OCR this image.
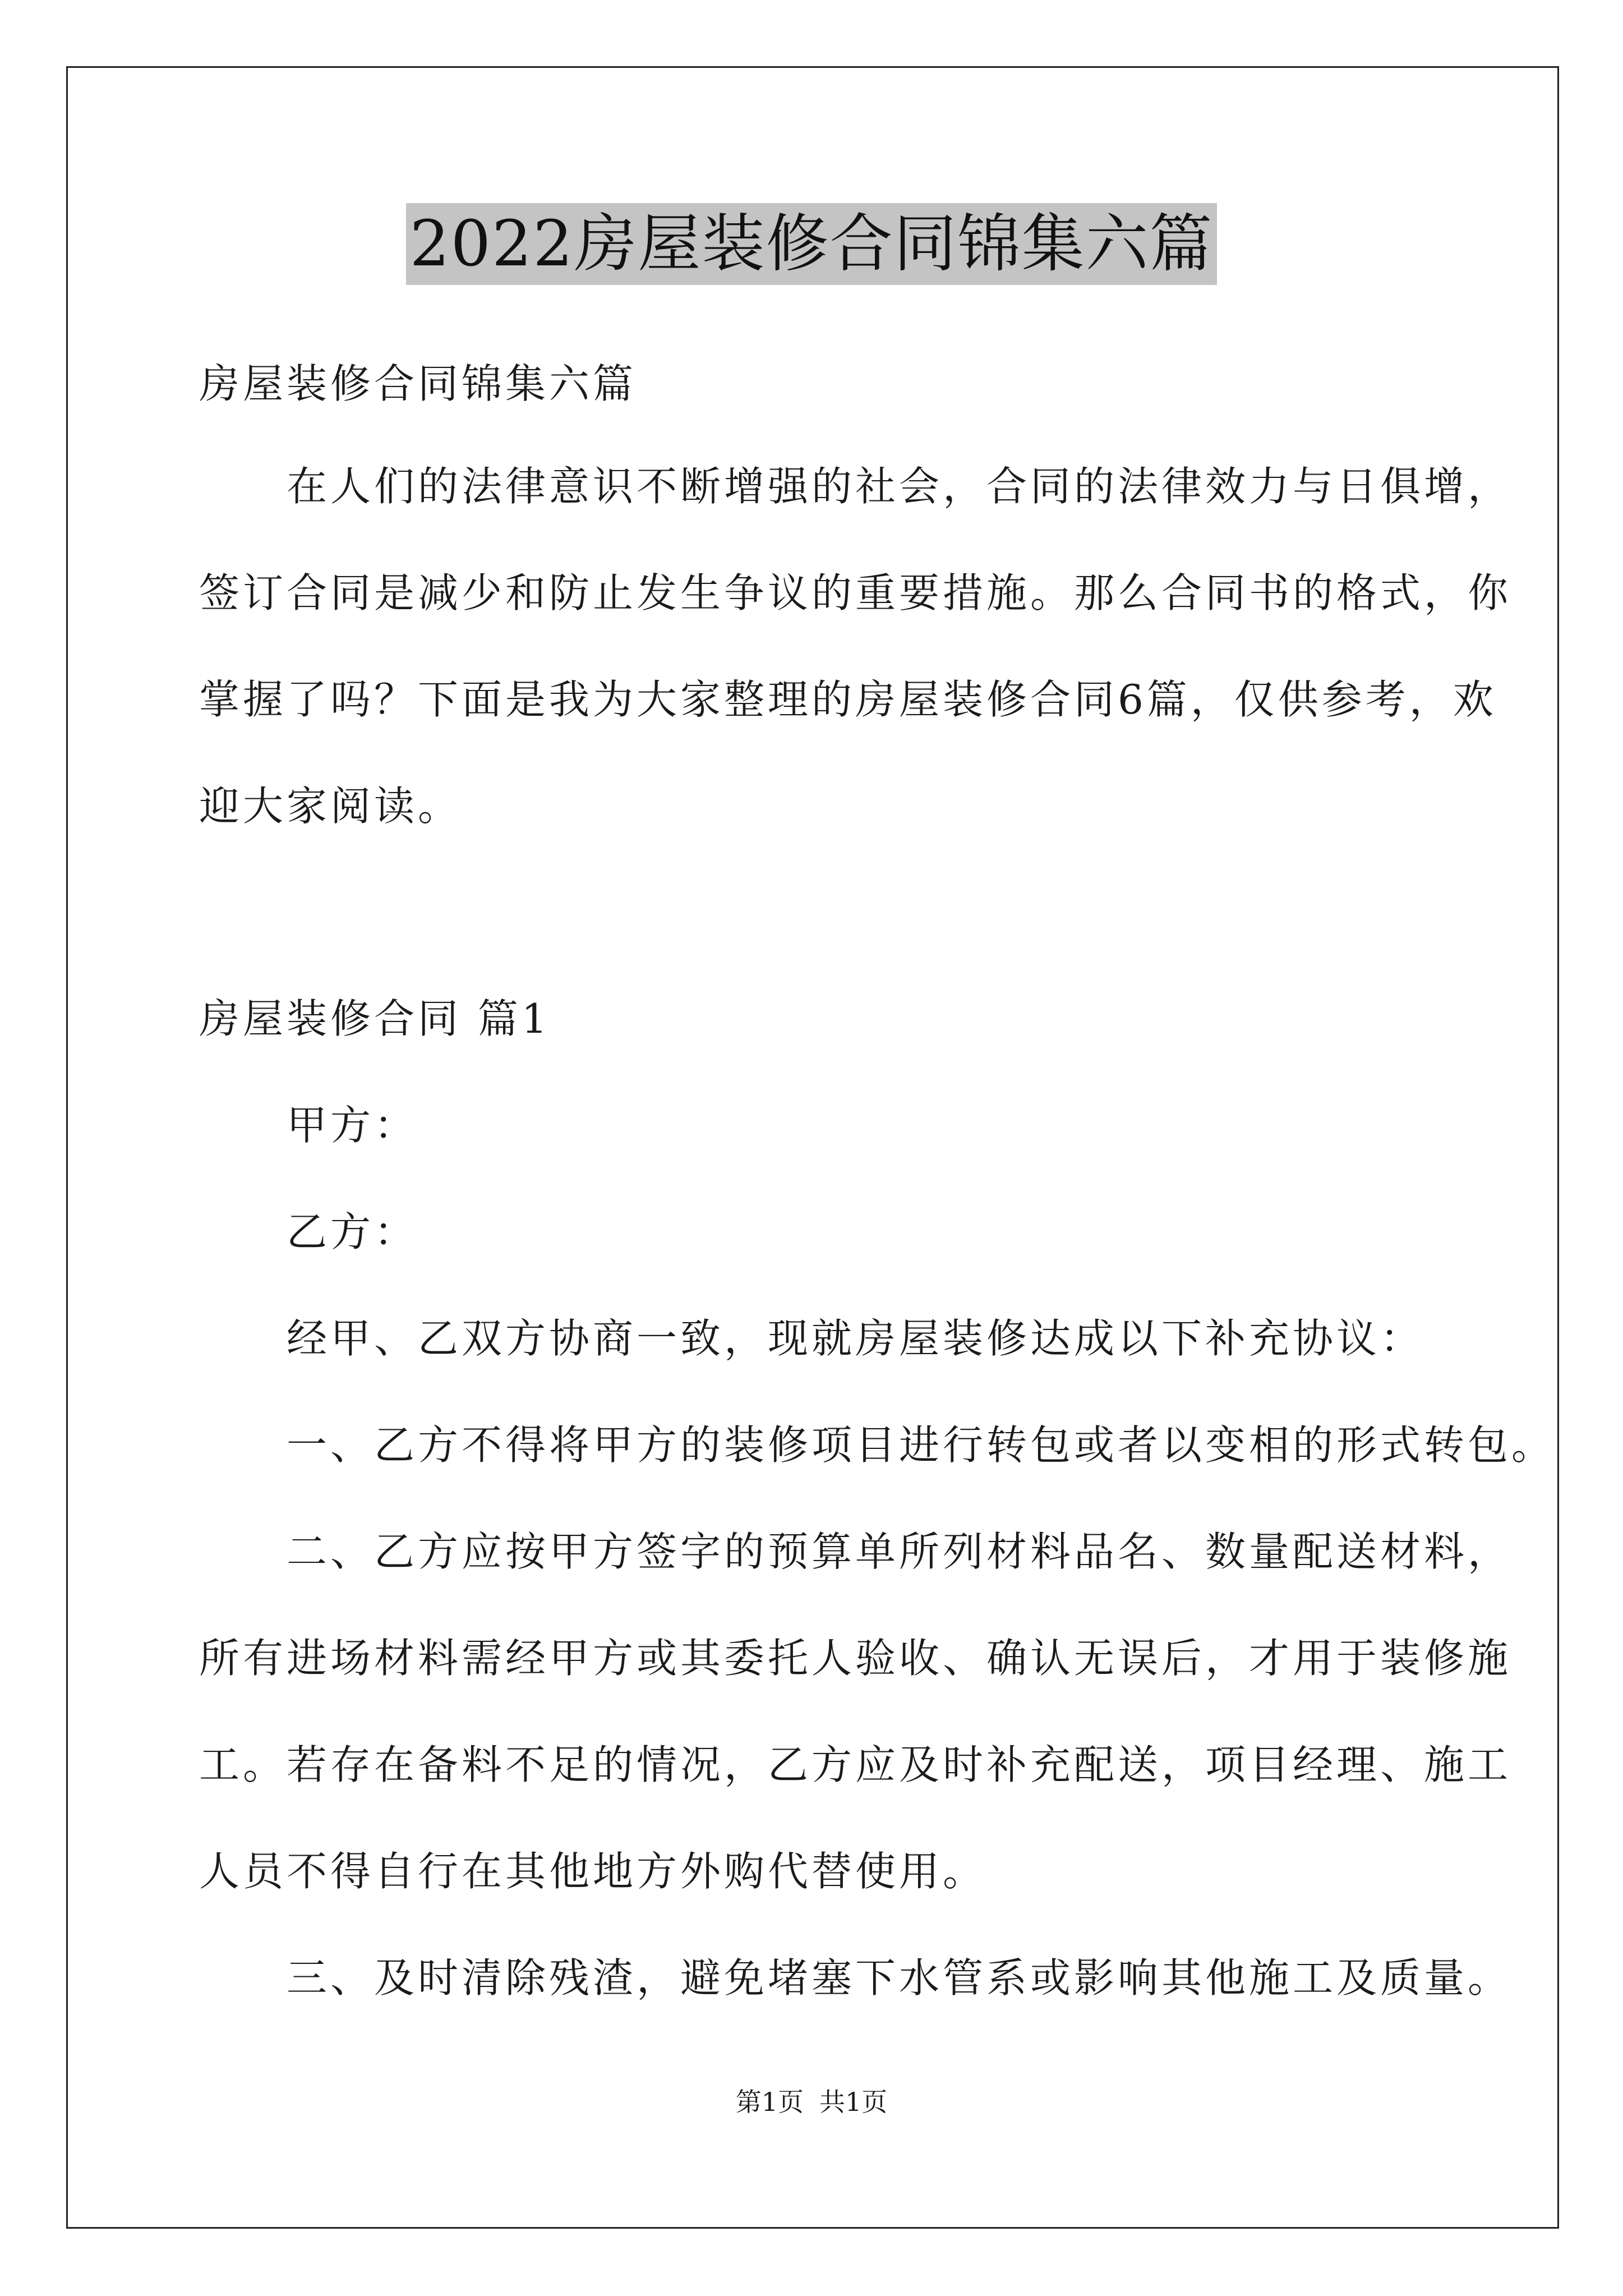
2022房屋装修合同锦集六篇
房屋装修合同锦集六篇
　　在人们的法律意识不断增强的社会，合同的法律效力与日俱增，
签订合同是减少和防止发生争议的重要措施。那么合同书的格式，你
掌握了吗？下面是我为大家整理的房屋装修合同6篇，仅供参考，欢
迎大家阅读。
房屋装修合同 篇1
　　甲方：
　　乙方：
　　经甲、乙双方协商一致，现就房屋装修达成以下补充协议：
　　一、乙方不得将甲方的装修项目进行转包或者以变相的形式转包。
　　二、乙方应按甲方签字的预算单所列材料品名、数量配送材料，
所有进场材料需经甲方或其委托人验收、确认无误后，才用于装修施
工。若存在备料不足的情况，乙方应及时补充配送，项目经理、施工
人员不得自行在其他地方外购代替使用。
　　三、及时清除残渣，避免堵塞下水管系或影响其他施工及质量。
第1页 共1页
